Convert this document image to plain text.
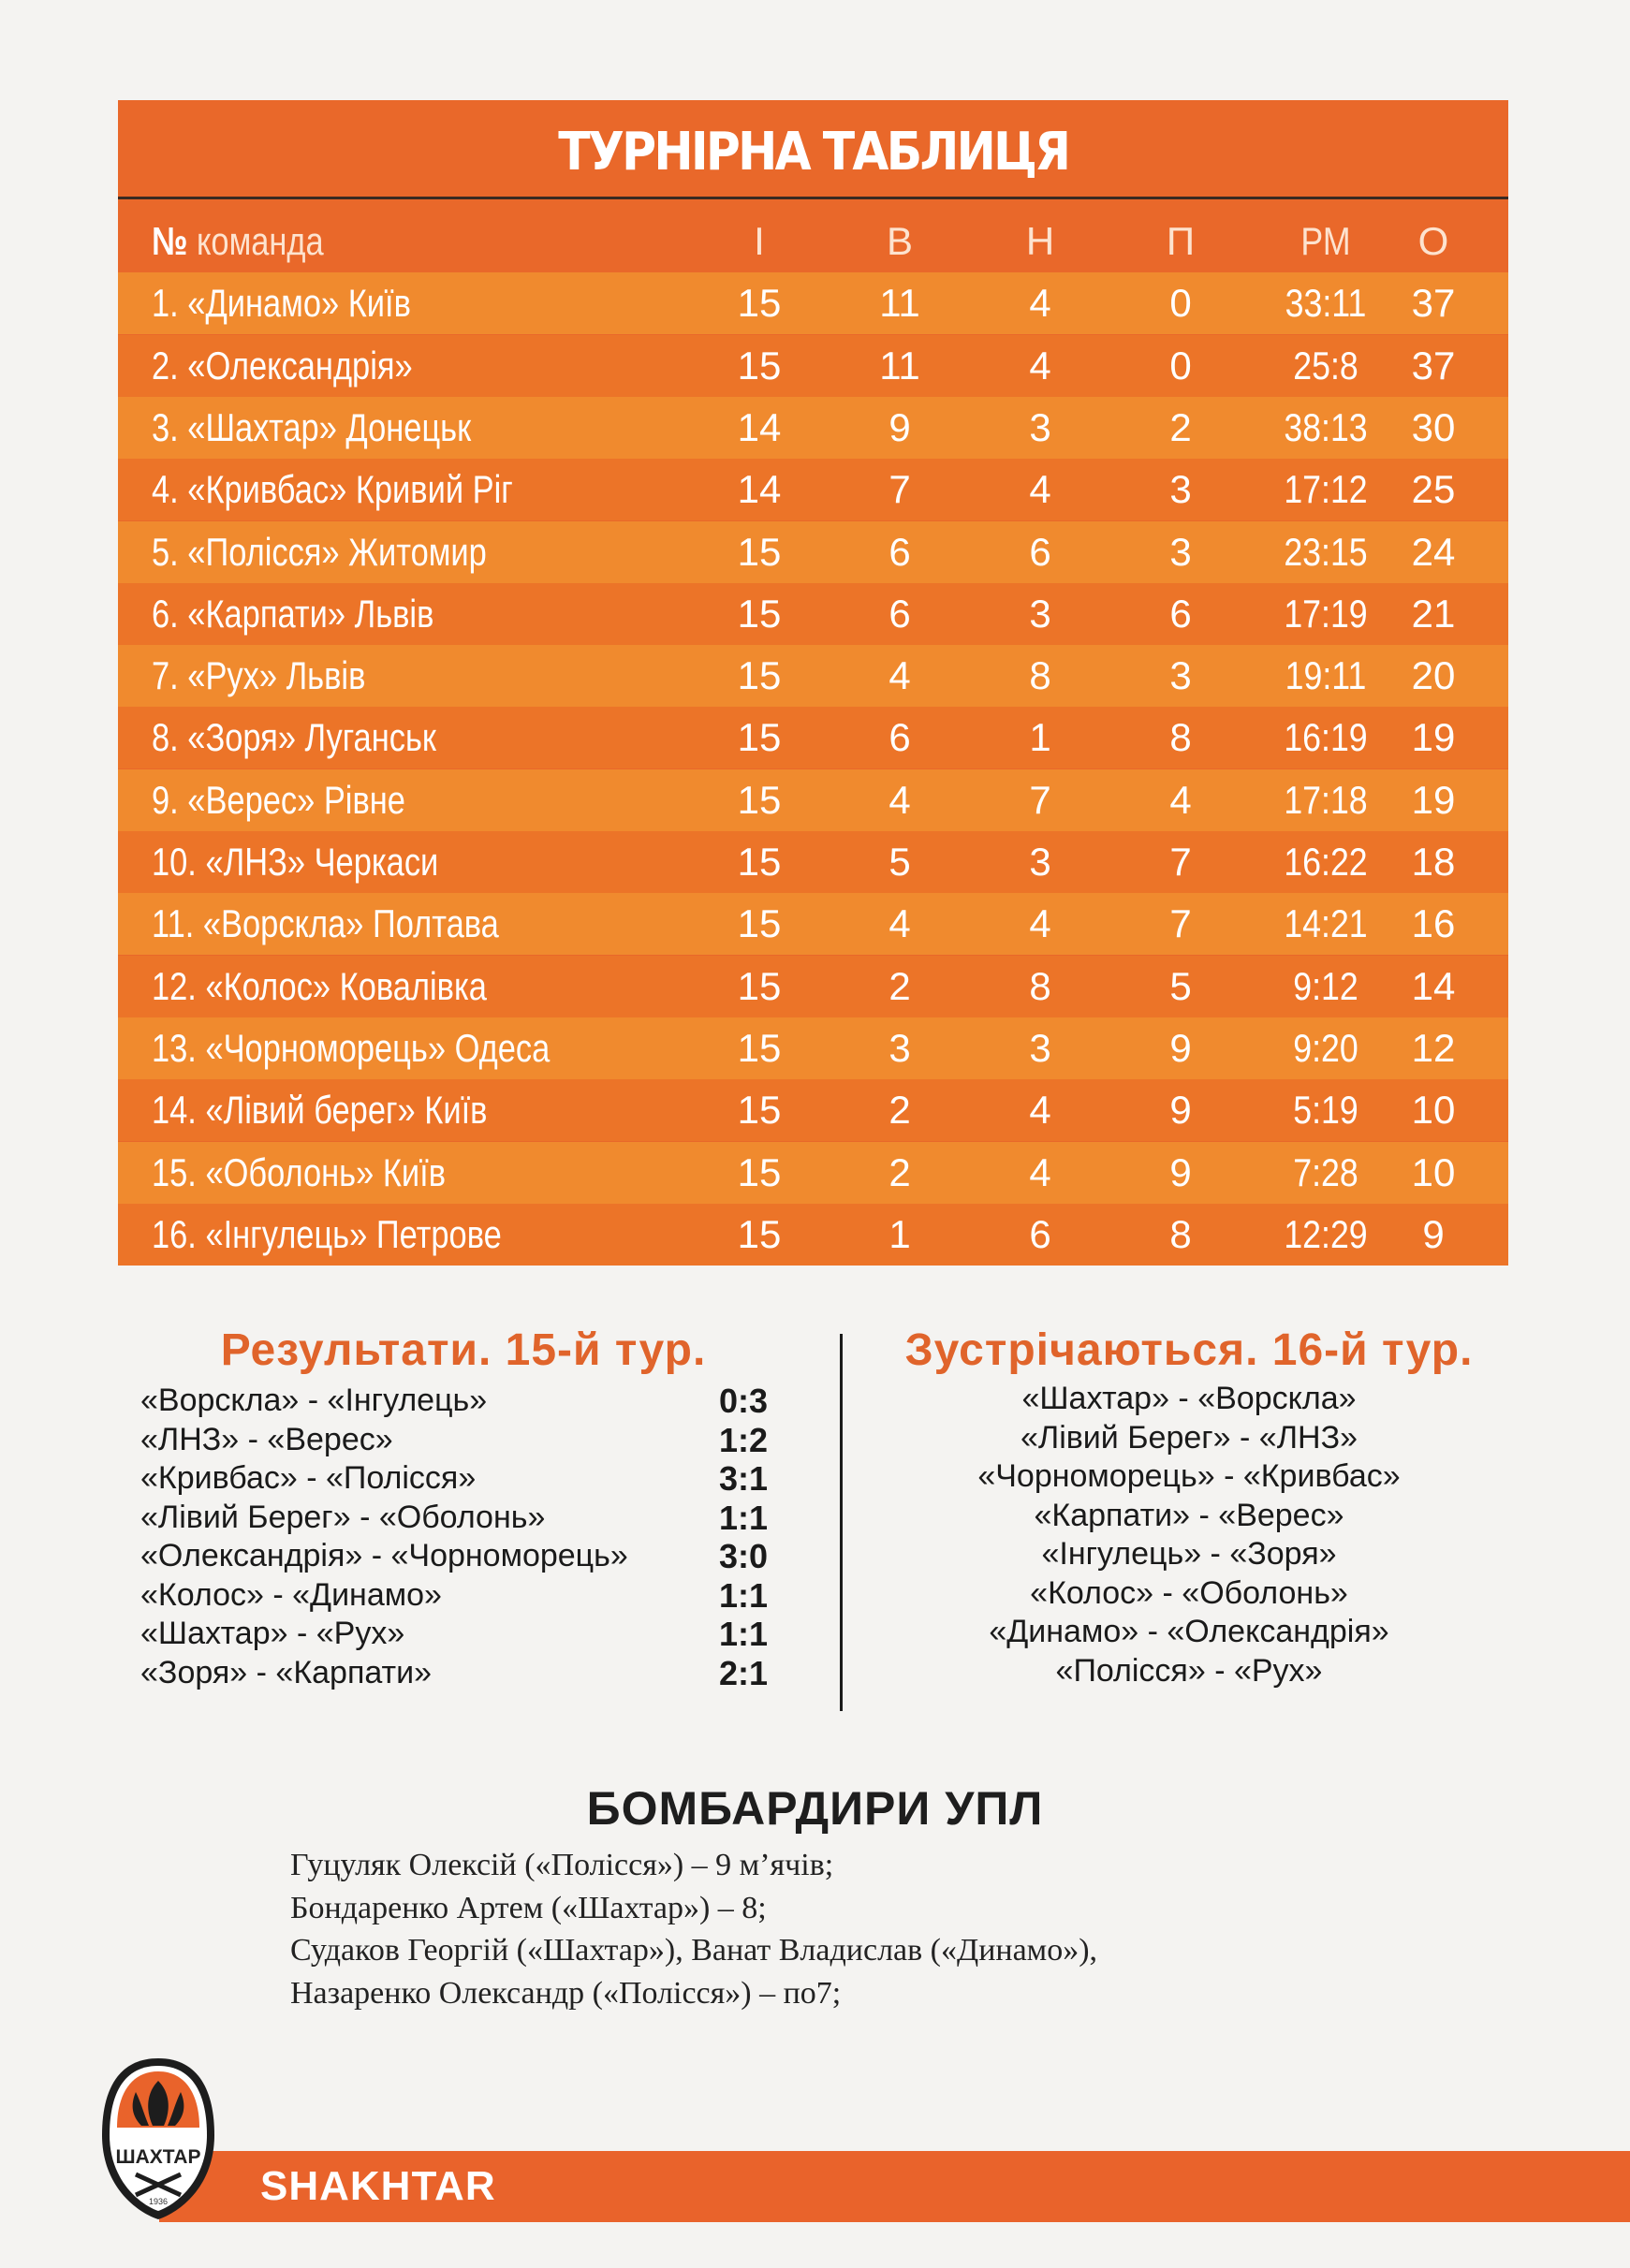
ТУРНІРНА ТАБЛИЦЯ
№ команда	І	В	Н	П	РМ	О
1. «Динамо» Київ	15	11	4	0	33:11	37
2. «Олександрія»	15	11	4	0	25:8	37
3. «Шахтар» Донецьк	14	9	3	2	38:13	30
4. «Кривбас» Кривий Ріг	14	7	4	3	17:12	25
5. «Полісся» Житомир	15	6	6	3	23:15	24
6. «Карпати» Львів	15	6	3	6	17:19	21
7. «Рух» Львів	15	4	8	3	19:11	20
8. «Зоря» Луганськ	15	6	1	8	16:19	19
9. «Верес» Рівне	15	4	7	4	17:18	19
10. «ЛНЗ» Черкаси	15	5	3	7	16:22	18
11. «Ворскла» Полтава	15	4	4	7	14:21	16
12. «Колос» Ковалівка	15	2	8	5	9:12	14
13. «Чорноморець» Одеса	15	3	3	9	9:20	12
14. «Лівий берег» Київ	15	2	4	9	5:19	10
15. «Оболонь» Київ	15	2	4	9	7:28	10
16. «Інгулець» Петрове	15	1	6	8	12:29	9
Результати. 15-й тур.
«Ворскла» - «Інгулець»	0:3
«ЛНЗ» - «Верес»	1:2
«Кривбас» - «Полісся»	3:1
«Лівий Берег» - «Оболонь»	1:1
«Олександрія» - «Чорноморець»	3:0
«Колос» - «Динамо»	1:1
«Шахтар» - «Рух»	1:1
«Зоря» - «Карпати»	2:1
Зустрічаються. 16-й тур.
«Шахтар» - «Ворскла»
«Лівий Берег» - «ЛНЗ»
«Чорноморець» - «Кривбас»
«Карпати» - «Верес»
«Інгулець» - «Зоря»
«Колос» - «Оболонь»
«Динамо» - «Олександрія»
«Полісся» - «Рух»
БОМБАРДИРИ УПЛ
Гуцуляк Олексій («Полісся») – 9 м’ячів;
Бондаренко Артем («Шахтар») – 8;
Судаков Георгій («Шахтар»), Ванат Владислав («Динамо»),
Назаренко Олександр («Полісся») – по7;
SHAKHTAR
ШАХТАР
1936
